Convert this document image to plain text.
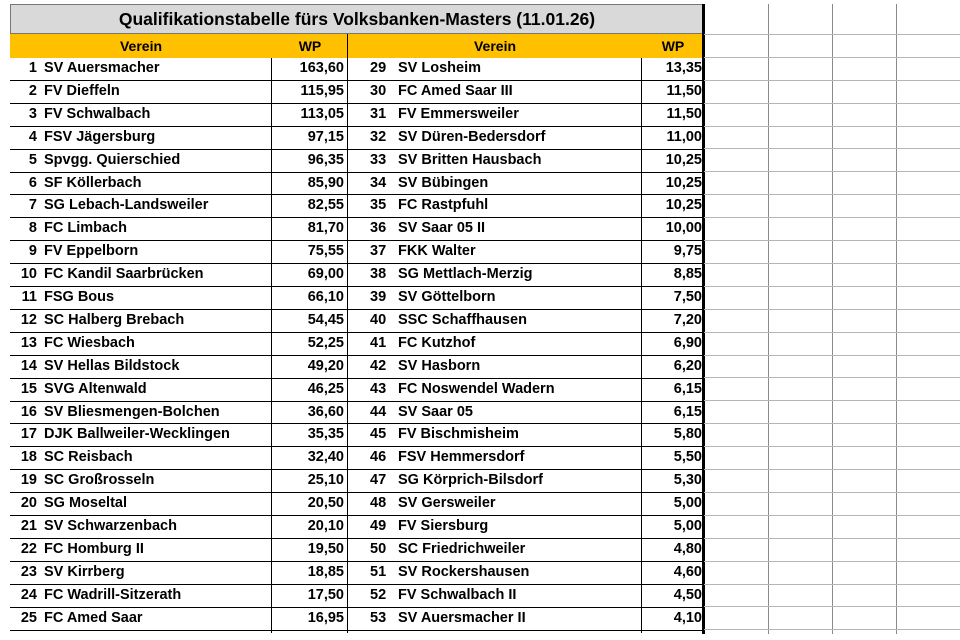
Qualifikationstabelle fürs Volksbanken-Masters (11.01.26)
Verein	WP	Verein	WP
1 SV Auersmacher	163,60 29 SV Losheim	13,35
2 FV Dieffeln	115,95 30 FC Amed Saar III	11,50
3 FV Schwalbach	113,05 31 FV Emmersweiler	11,50
4 FSV Jägersburg	97,15 32 SV Düren-Bedersdorf	11,00
5 Spvgg. Quierschied	96,35 33 SV Britten Hausbach	10,25
6 SF Köllerbach	85,90 34 SV Bübingen	10,25
7 SG Lebach-Landsweiler	82,55 35 FC Rastpfuhl	10,25
8 FC Limbach	81,70 36 SV Saar 05 II	10,00
9 FV Eppelborn	75,55 37 FKK Walter	9,75
10 FC Kandil Saarbrücken	69,00 38 SG Mettlach-Merzig	8,85
11 FSG Bous	66,10 39 SV Göttelborn	7,50
12 SC Halberg Brebach	54,45 40 SSC Schaffhausen	7,20
13 FC Wiesbach	52,25 41 FC Kutzhof	6,90
14 SV Hellas Bildstock	49,20 42 SV Hasborn	6,20
15 SVG Altenwald	46,25 43 FC Noswendel Wadern	6,15
16 SV Bliesmengen-Bolchen	36,60 44 SV Saar 05	6,15
17 DJK Ballweiler-Wecklingen	35,35 45 FV Bischmisheim	5,80
18 SC Reisbach	32,40 46 FSV Hemmersdorf	5,50
19 SC Großrosseln	25,10 47 SG Körprich-Bilsdorf	5,30
20 SG Moseltal	20,50 48 SV Gersweiler	5,00
21 SV Schwarzenbach	20,10 49 FV Siersburg	5,00
22 FC Homburg II	19,50 50 SC Friedrichweiler	4,80
23 SV Kirrberg	18,85 51 SV Rockershausen	4,60
24 FC Wadrill-Sitzerath	17,50 52 FV Schwalbach II	4,50
25 FC Amed Saar	16,95 53 SV Auersmacher II	4,10
